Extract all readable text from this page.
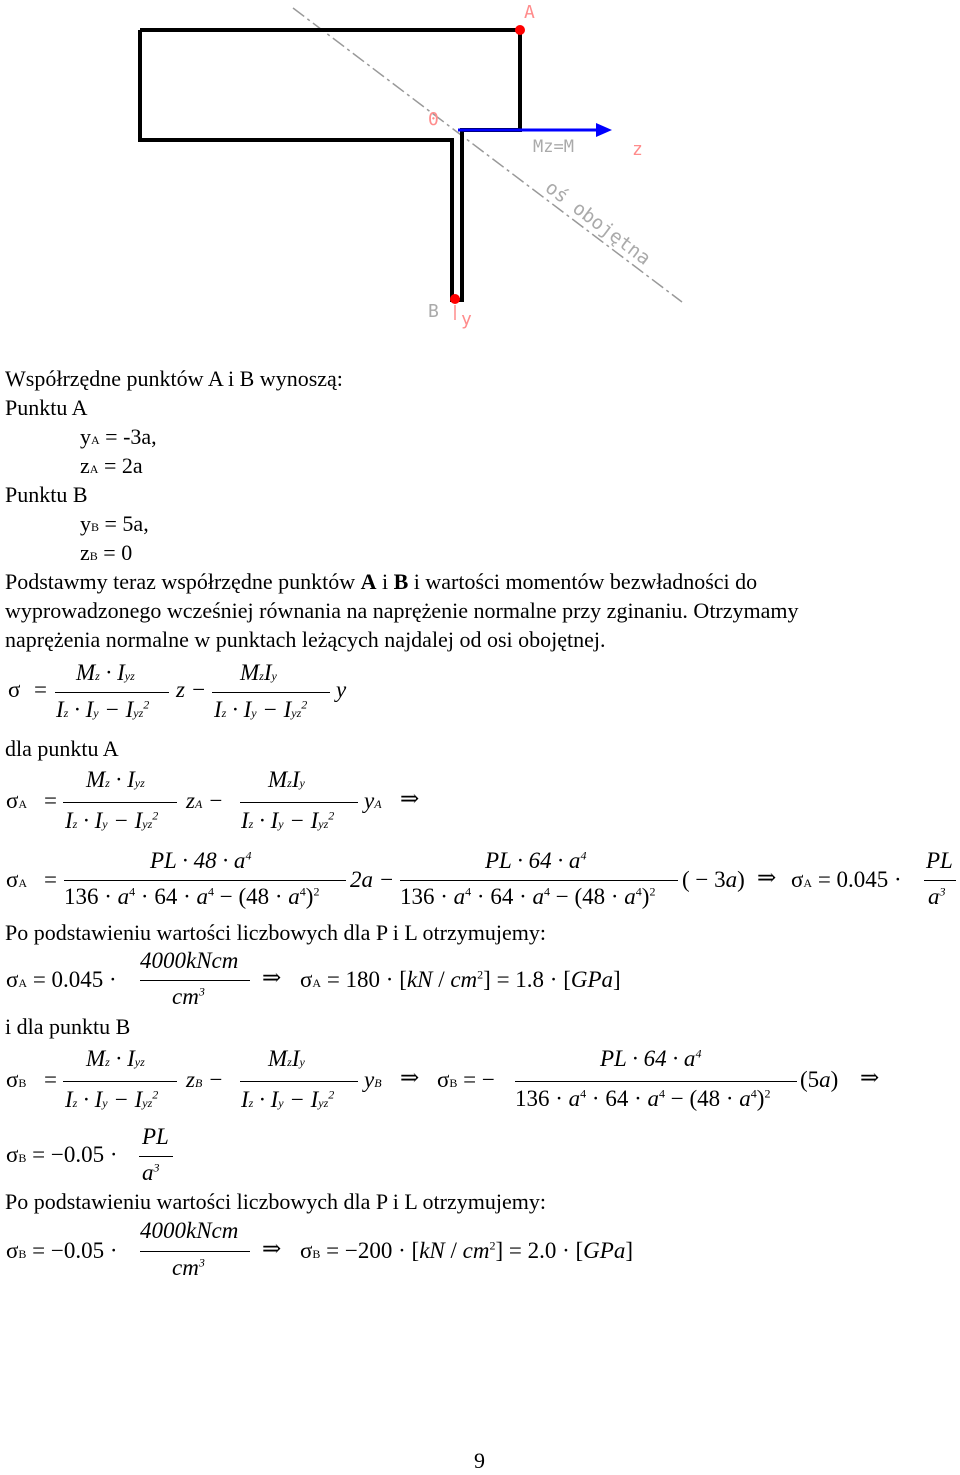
A
0
Mz=M	z
oś obojętna
B y
Współrzędne punktów A i B wynoszą:
Punktu A
yA = -3a,
zA = 2a
Punktu B
yB = 5a,
zB = 0
Podstawmy teraz współrzędne punktów A i B i wartości momentów bezwładności do
wyprowadzonego wcześniej równania na naprężenie normalne przy zginaniu. Otrzymamy
naprężenia normalne w punktach leżących najdalej od osi obojętnej.
σ =
Mz · Iyz
Iz · Iy − Iyz$^2$
z −
MzIy
Iz · Iy − Iyz$^2$
y
dla punktu A
σA =
Mz · Iyz
Iz · Iy − Iyz$^2$
zA −
MzIy
Iz · Iy − Iyz$^2$
yA ⇒
σA =
PL · $48 \cdot a^4$
$136 \cdot a^4 \cdot 64 \cdot a^4 - (48 \cdot a^4)^2$ 2a −
PL · $64 \cdot a^4$
$136 \cdot a^4 \cdot 64 \cdot a^4 - (48 \cdot a^4)^2$ ( − 3a) ⇒ σA = 0.045 ·
PL
$a^3$
Po podstawieniu wartości liczbowych dla P i L otrzymujemy:
σA = 0.045 ·
4000kNcm
$cm^3$
⇒ $\sigma A = 180 \cdot [kN / cm^2] = 1.8 \cdot [GPa]$
i dla punktu B
σB =
Mz · Iyz
Iz · Iy − Iyz$^2$
zB −
MzIy
Iz · Iy − Iyz$^2$
yB ⇒ σB = −
PL · $64 \cdot a^4$
$136 \cdot a^4 \cdot 64 \cdot a^4 - (48 \cdot a^4)^2$
(5a) ⇒
σB = −0.05 ·
PL
$a^3$
Po podstawieniu wartości liczbowych dla P i L otrzymujemy:
σB = −0.05 ·
4000kNcm
$cm^3$
⇒ $\sigma B = -200 \cdot [kN / cm^2] = 2.0 \cdot [GPa]$
9
